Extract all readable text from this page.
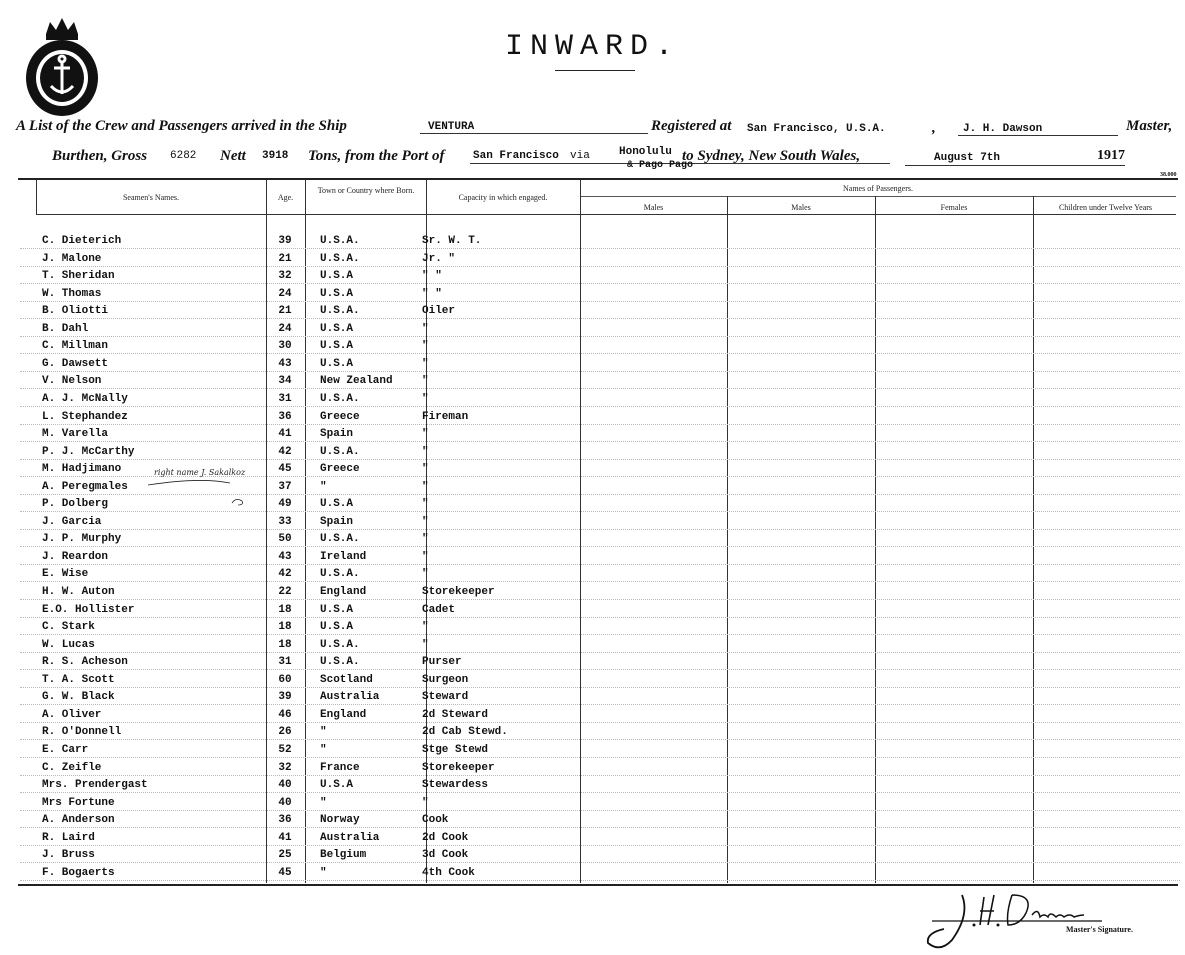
INWARD.
A List of the Crew and Passengers arrived in the Ship	VENTURA	Registered at San Francisco, U.S.A.	, J. H. Dawson	Master,
Burthen, Gross 6282 Nett 3918 Tons, from the Port of	San Francisco via	Honolulu
& Pago Pago
to Sydney, New South Wales,	August 7th	1917
38.000
Seamen's Names.	Age.
Town or Country where Born.
Capacity in which engaged.
Names of Passengers.
Males	Males	Females	Children under Twelve Years
C. Dieterich	39	U.S.A.	Sr. W. T.
J. Malone	21	U.S.A.	Jr. "
T. Sheridan	32	U.S.A	" "
W. Thomas	24	U.S.A	" "
B. Oliotti	21	U.S.A.	Oiler
B. Dahl	24	U.S.A	"
C. Millman	30	U.S.A	"
G. Dawsett	43	U.S.A	"
V. Nelson	34	New Zealand	"
A. J. McNally	31	U.S.A.	"
L. Stephandez	36	Greece	Fireman
M. Varella	41	Spain	"
P. J. McCarthy	42	U.S.A.	"
M. Hadjimano	45	Greece	"
A. Peregmales	37	"	"
P. Dolberg	49	U.S.A	"
J. Garcia	33	Spain	"
J. P. Murphy	50	U.S.A.	"
J. Reardon	43	Ireland	"
E. Wise	42	U.S.A.	"
H. W. Auton	22	England	Storekeeper
E.O. Hollister	18	U.S.A	Cadet
C. Stark	18	U.S.A	"
W. Lucas	18	U.S.A.	"
R. S. Acheson	31	U.S.A.	Purser
T. A. Scott	60	Scotland	Surgeon
G. W. Black	39	Australia	Steward
A. Oliver	46	England	2d Steward
R. O'Donnell	26	"	2d Cab Stewd.
E. Carr	52	"	Stge Stewd
C. Zeifle	32	France	Storekeeper
Mrs. Prendergast	40	U.S.A	Stewardess
Mrs Fortune	40	"	"
A. Anderson	36	Norway	Cook
R. Laird	41	Australia	2d Cook
J. Bruss	25	Belgium	3d Cook
F. Bogaerts	45	"	4th Cook
right name J. Sakalkoz
Master's Signature.
